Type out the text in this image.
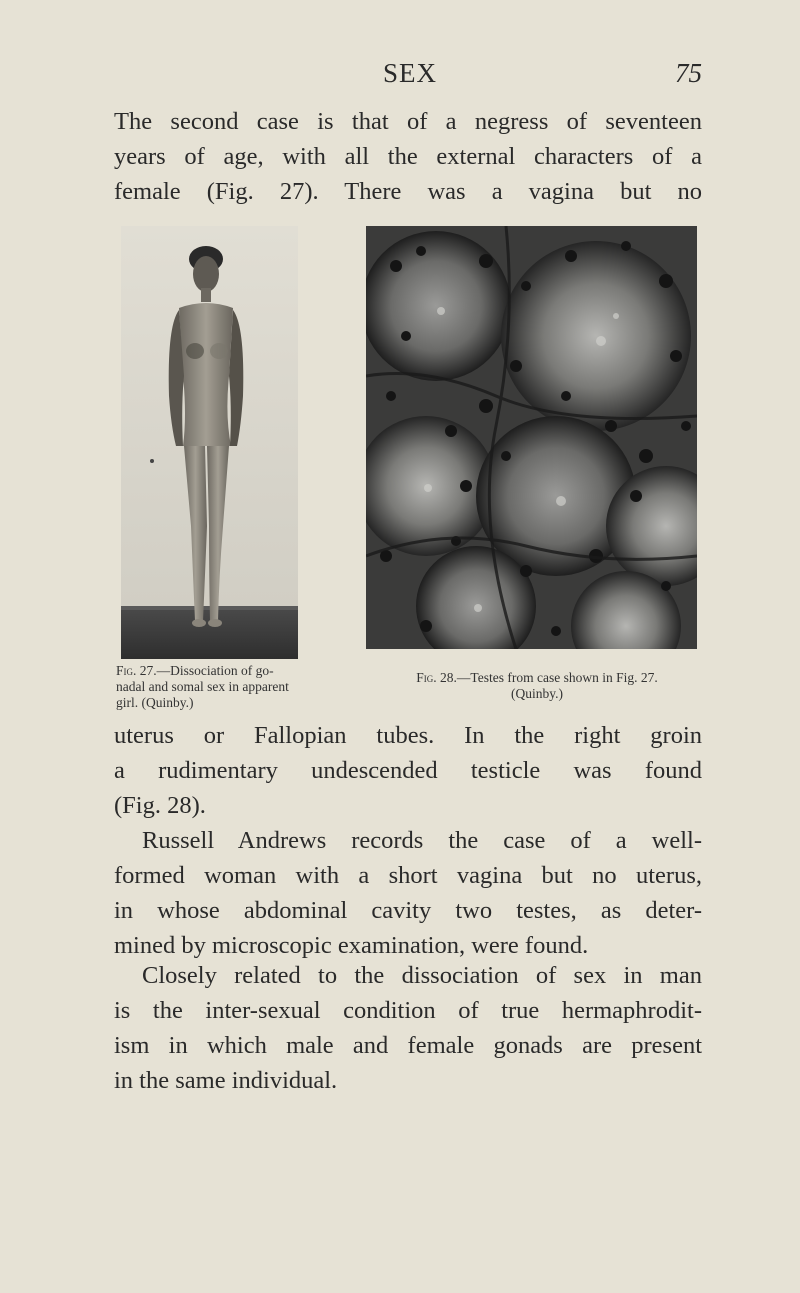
SEX	75

The second case is that of a negress of seventeen
years of age, with all the external characters of a
female (Fig. 27). There was a vagina but no

Fig. 27.—Dissociation of go-
nadal and somal sex in apparent
girl. (Quinby.)
Fig. 28.—Testes from case shown in Fig. 27.
(Quinby.)

uterus or Fallopian tubes. In the right groin
a rudimentary undescended testicle was found
(Fig. 28).

Russell Andrews records the case of a well-
formed woman with a short vagina but no uterus,
in whose abdominal cavity two testes, as deter-
mined by microscopic examination, were found.

Closely related to the dissociation of sex in man
is the inter-sexual condition of true hermaphrodit-
ism in which male and female gonads are present
in the same individual.
